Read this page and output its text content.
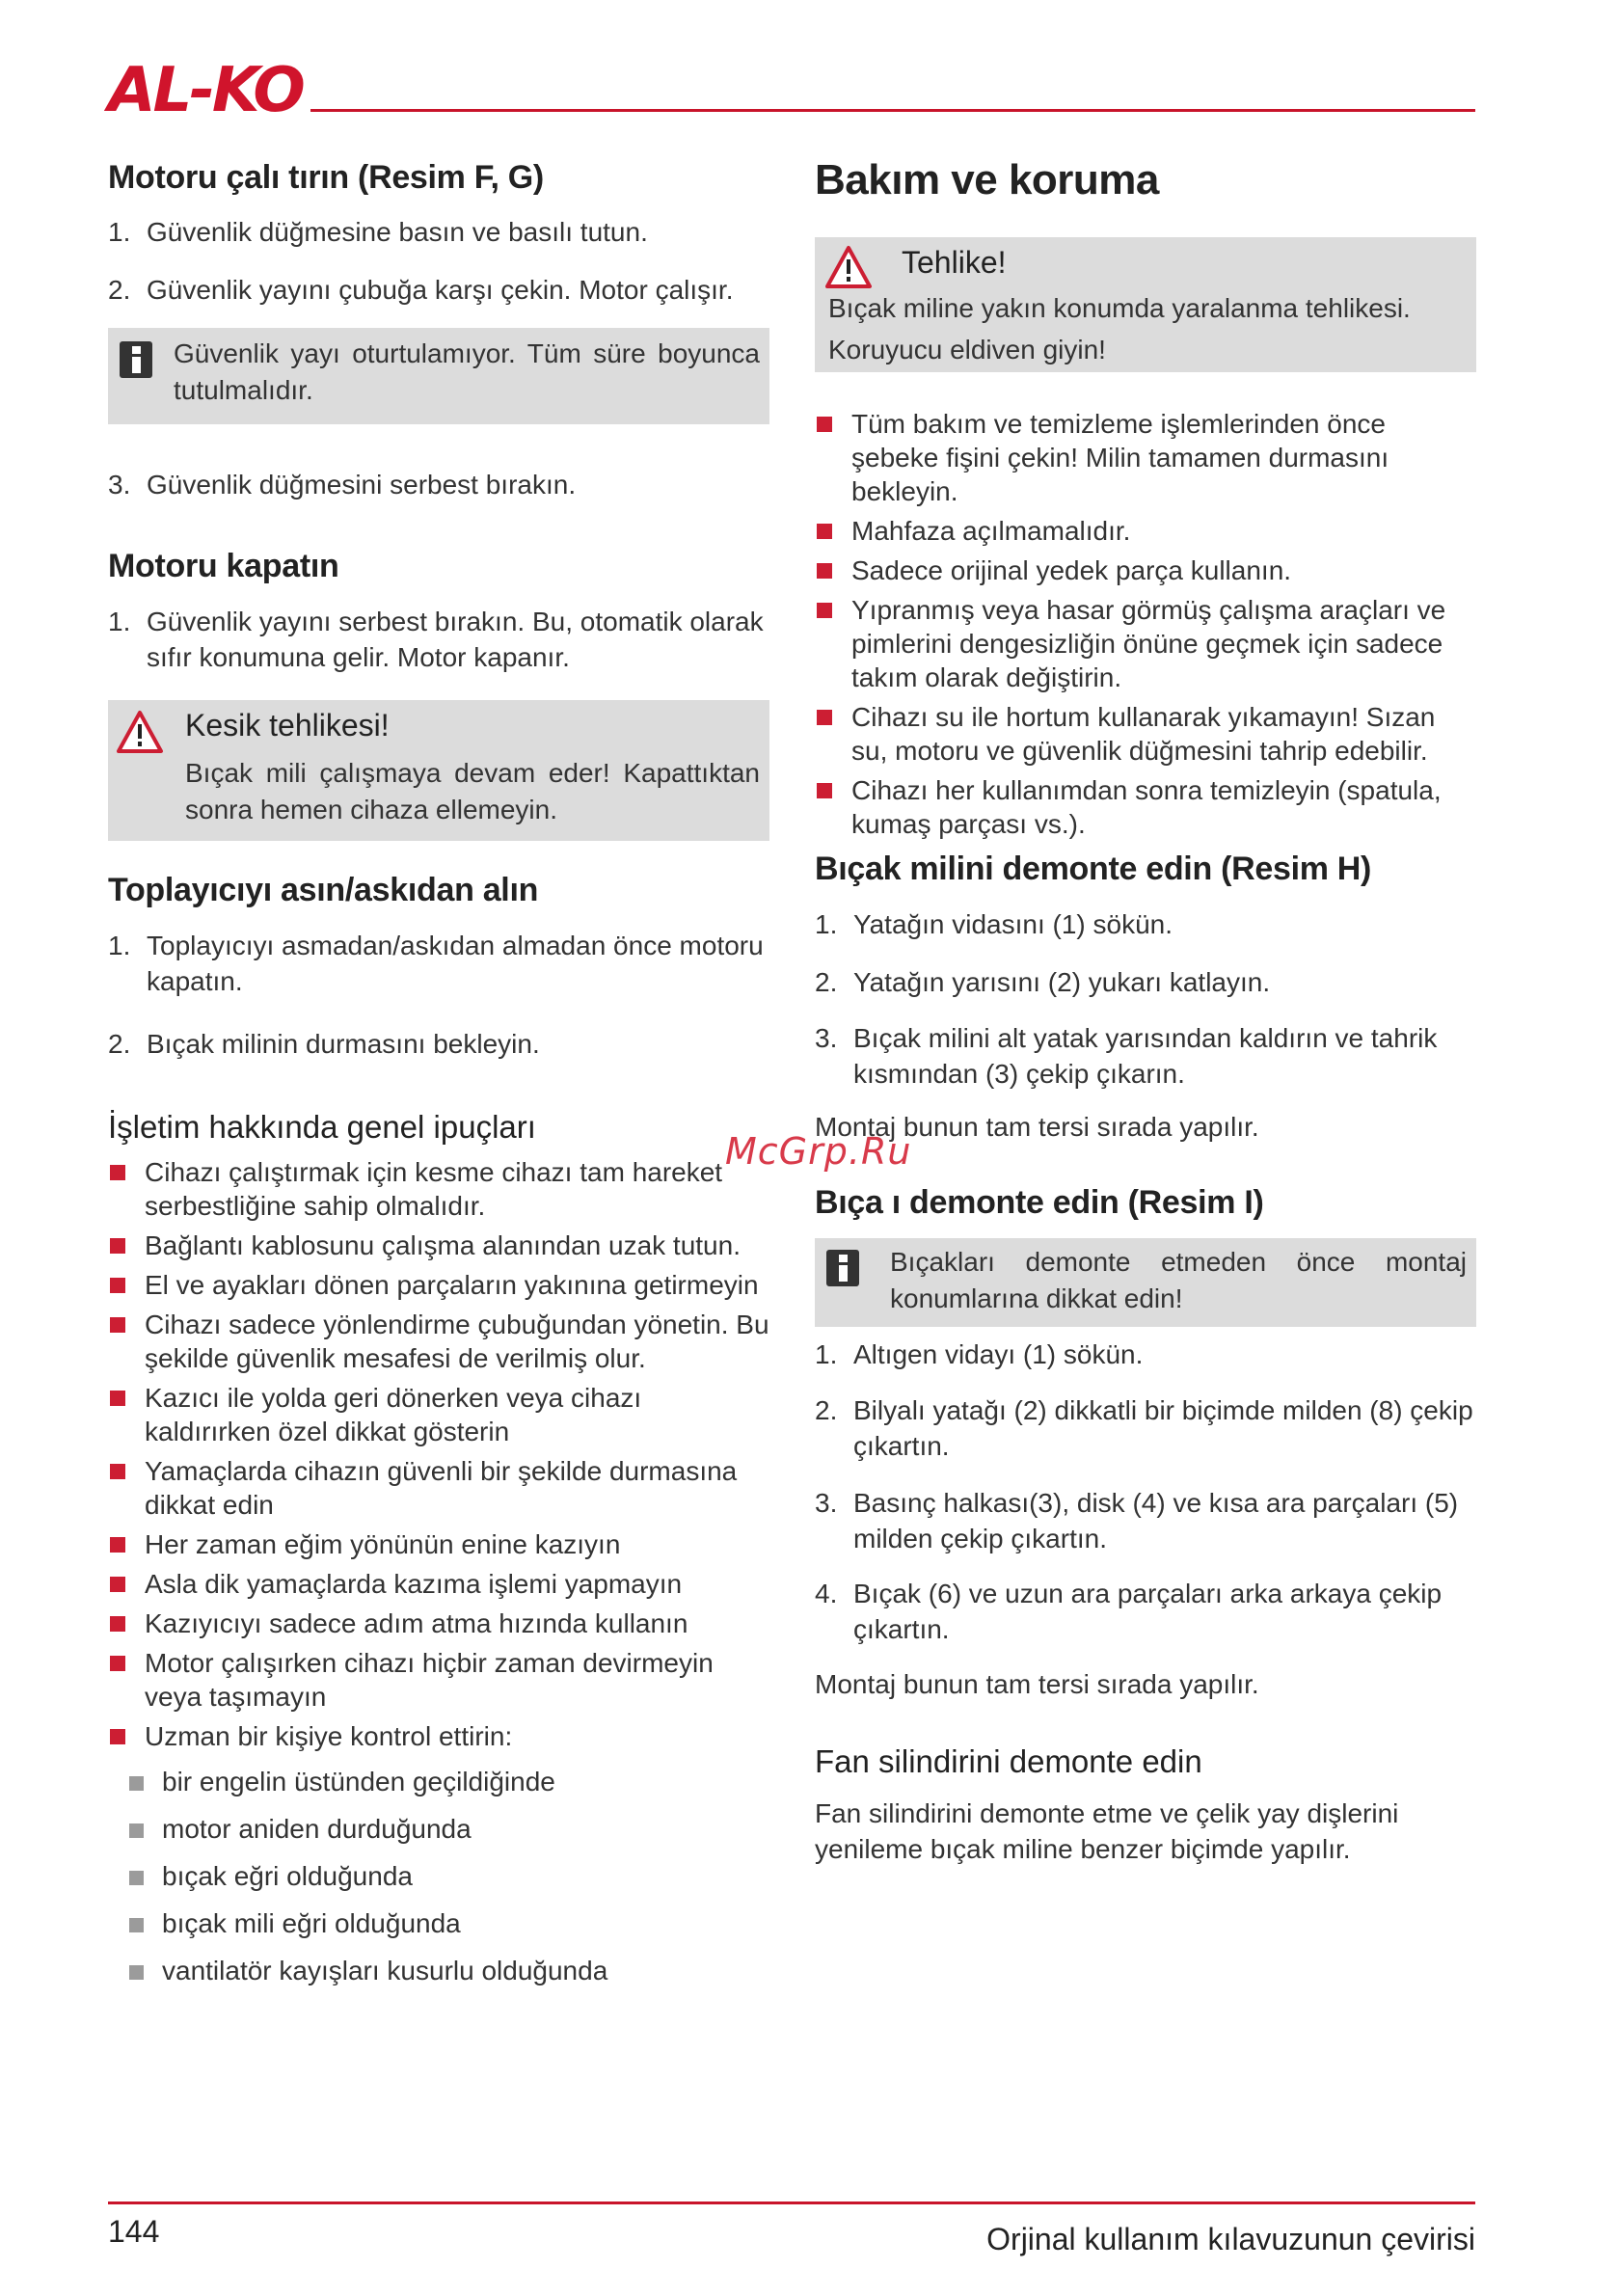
AL-KO
Motoru çalı tırın (Resim F, G)
1. Güvenlik düğmesine basın ve basılı tutun.
2. Güvenlik yayını çubuğa karşı çekin. Motor çalışır.
Güvenlik yayı oturtulamıyor. Tüm süre boyunca tutulmalıdır.
3. Güvenlik düğmesini serbest bırakın.
Motoru kapatın
1. Güvenlik yayını serbest bırakın. Bu, otomatik olarak sıfır konumuna gelir. Motor kapanır.
Kesik tehlikesi!
Bıçak mili çalışmaya devam eder! Kapattıktan sonra hemen cihaza ellemeyin.
Toplayıcıyı asın/askıdan alın
1. Toplayıcıyı asmadan/askıdan almadan önce motoru kapatın.
2. Bıçak milinin durmasını bekleyin.
İşletim hakkında genel ipuçları
Cihazı çalıştırmak için kesme cihazı tam hareket serbestliğine sahip olmalıdır.
Bağlantı kablosunu çalışma alanından uzak tutun.
El ve ayakları dönen parçaların yakınına getirmeyin
Cihazı sadece yönlendirme çubuğundan yönetin. Bu şekilde güvenlik mesafesi de verilmiş olur.
Kazıcı ile yolda geri dönerken veya cihazı kaldırırken özel dikkat gösterin
Yamaçlarda cihazın güvenli bir şekilde durmasına dikkat edin
Her zaman eğim yönünün enine kazıyın
Asla dik yamaçlarda kazıma işlemi yapmayın
Kazıyıcıyı sadece adım atma hızında kullanın
Motor çalışırken cihazı hiçbir zaman devirmeyin veya taşımayın
Uzman bir kişiye kontrol ettirin:
bir engelin üstünden geçildiğinde
motor aniden durduğunda
bıçak eğri olduğunda
bıçak mili eğri olduğunda
vantilatör kayışları kusurlu olduğunda
Bakım ve koruma
Tehlike!
Bıçak miline yakın konumda yaralanma tehlikesi.
Koruyucu eldiven giyin!
Tüm bakım ve temizleme işlemlerinden önce şebeke fişini çekin! Milin tamamen durmasını bekleyin.
Mahfaza açılmamalıdır.
Sadece orijinal yedek parça kullanın.
Yıpranmış veya hasar görmüş çalışma araçları ve pimlerini dengesizliğin önüne geçmek için sadece takım olarak değiştirin.
Cihazı su ile hortum kullanarak yıkamayın! Sızan su, motoru ve güvenlik düğmesini tahrip edebilir.
Cihazı her kullanımdan sonra temizleyin (spatula, kumaş parçası vs.).
Bıçak milini demonte edin (Resim H)
1. Yatağın vidasını (1) sökün.
2. Yatağın yarısını (2) yukarı katlayın.
3. Bıçak milini alt yatak yarısından kaldırın ve tahrik kısmından (3) çekip çıkarın.

Montaj bunun tam tersi sırada yapılır.

Bıça ı demonte edin (Resim I)
Bıçakları demonte etmeden önce montaj konumlarına dikkat edin!
1. Altıgen vidayı (1) sökün.
2. Bilyalı yatağı (2) dikkatli bir biçimde milden (8) çekip çıkartın.
3. Basınç halkası(3), disk (4) ve kısa ara parçaları (5) milden çekip çıkartın.
4. Bıçak (6) ve uzun ara parçaları arka arkaya çekip çıkartın.

Montaj bunun tam tersi sırada yapılır.

Fan silindirini demonte edin

Fan silindirini demonte etme ve çelik yay dişlerini yenileme bıçak miline benzer biçimde yapılır.

McGrp.Ru
144	Orjinal kullanım kılavuzunun çevirisi
